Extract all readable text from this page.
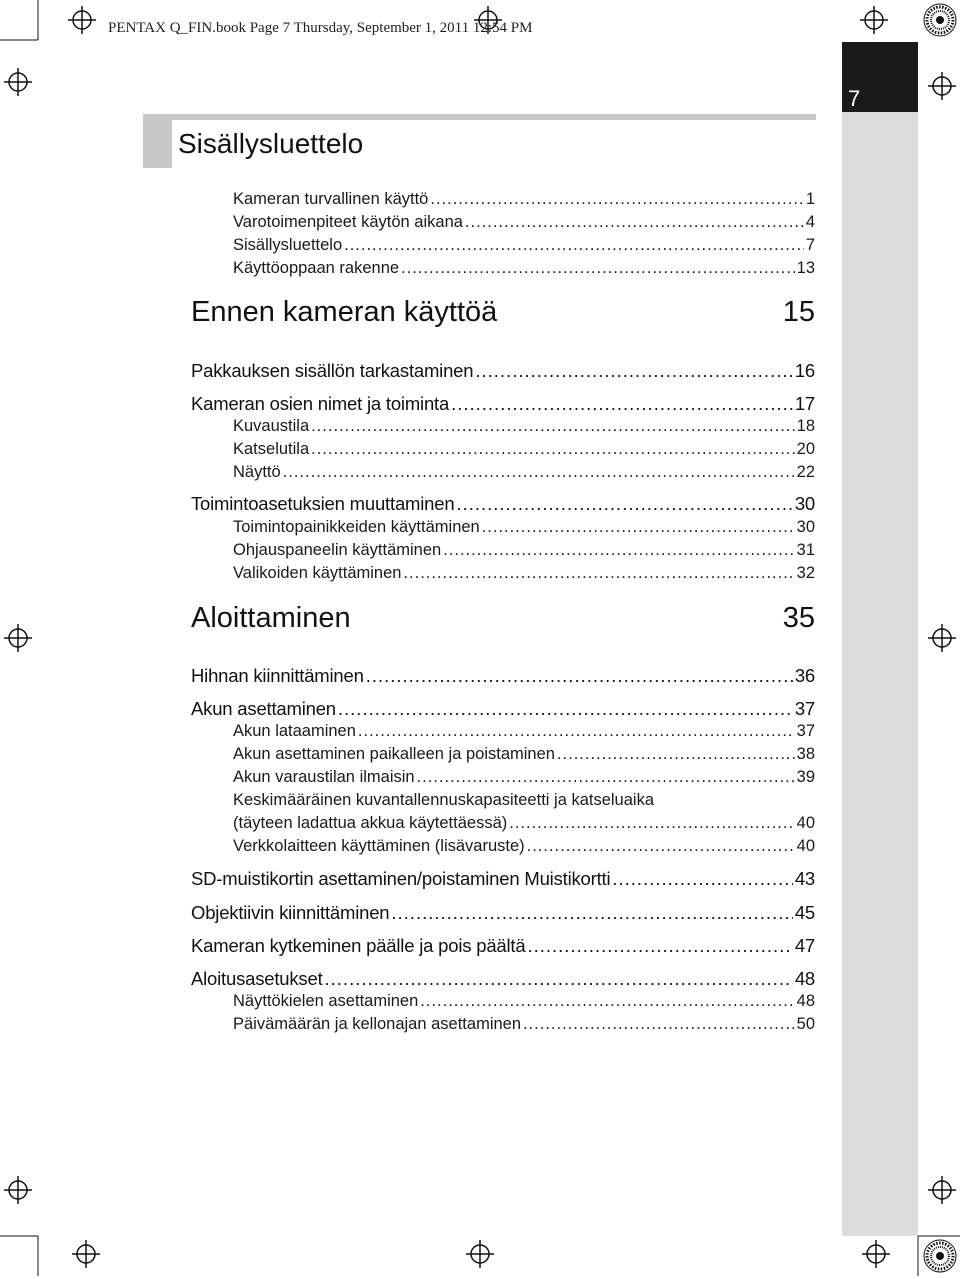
PENTAX Q_FIN.book Page 7 Thursday, September 1, 2011 12:54 PM
7
Sisällysluettelo
Kameran turvallinen käyttö .....	1
Varotoimenpiteet käytön aikana .....	4
Sisällysluettelo .....	7
Käyttöoppaan rakenne .....	13
Ennen kameran käyttöä	15
Pakkauksen sisällön tarkastaminen .....	16
Kameran osien nimet ja toiminta .....	17
Kuvaustila .....	18
Katselutila .....	20
Näyttö .....	22
Toimintoasetuksien muuttaminen .....	30
Toimintopainikkeiden käyttäminen .....	30
Ohjauspaneelin käyttäminen .....	31
Valikoiden käyttäminen .....	32
Aloittaminen	35
Hihnan kiinnittäminen .....	36
Akun asettaminen .....	37
Akun lataaminen .....	37
Akun asettaminen paikalleen ja poistaminen .....	38
Akun varaustilan ilmaisin .....	39
Keskimääräinen kuvantallennuskapasiteetti ja katseluaika
(täyteen ladattua akkua käytettäessä) .....	40
Verkkolaitteen käyttäminen (lisävaruste) .....	40
SD-muistikortin asettaminen/poistaminen Muistikortti .....	43
Objektiivin kiinnittäminen .....	45
Kameran kytkeminen päälle ja pois päältä .....	47
Aloitusasetukset .....	48
Näyttökielen asettaminen .....	48
Päivämäärän ja kellonajan asettaminen .....	50
